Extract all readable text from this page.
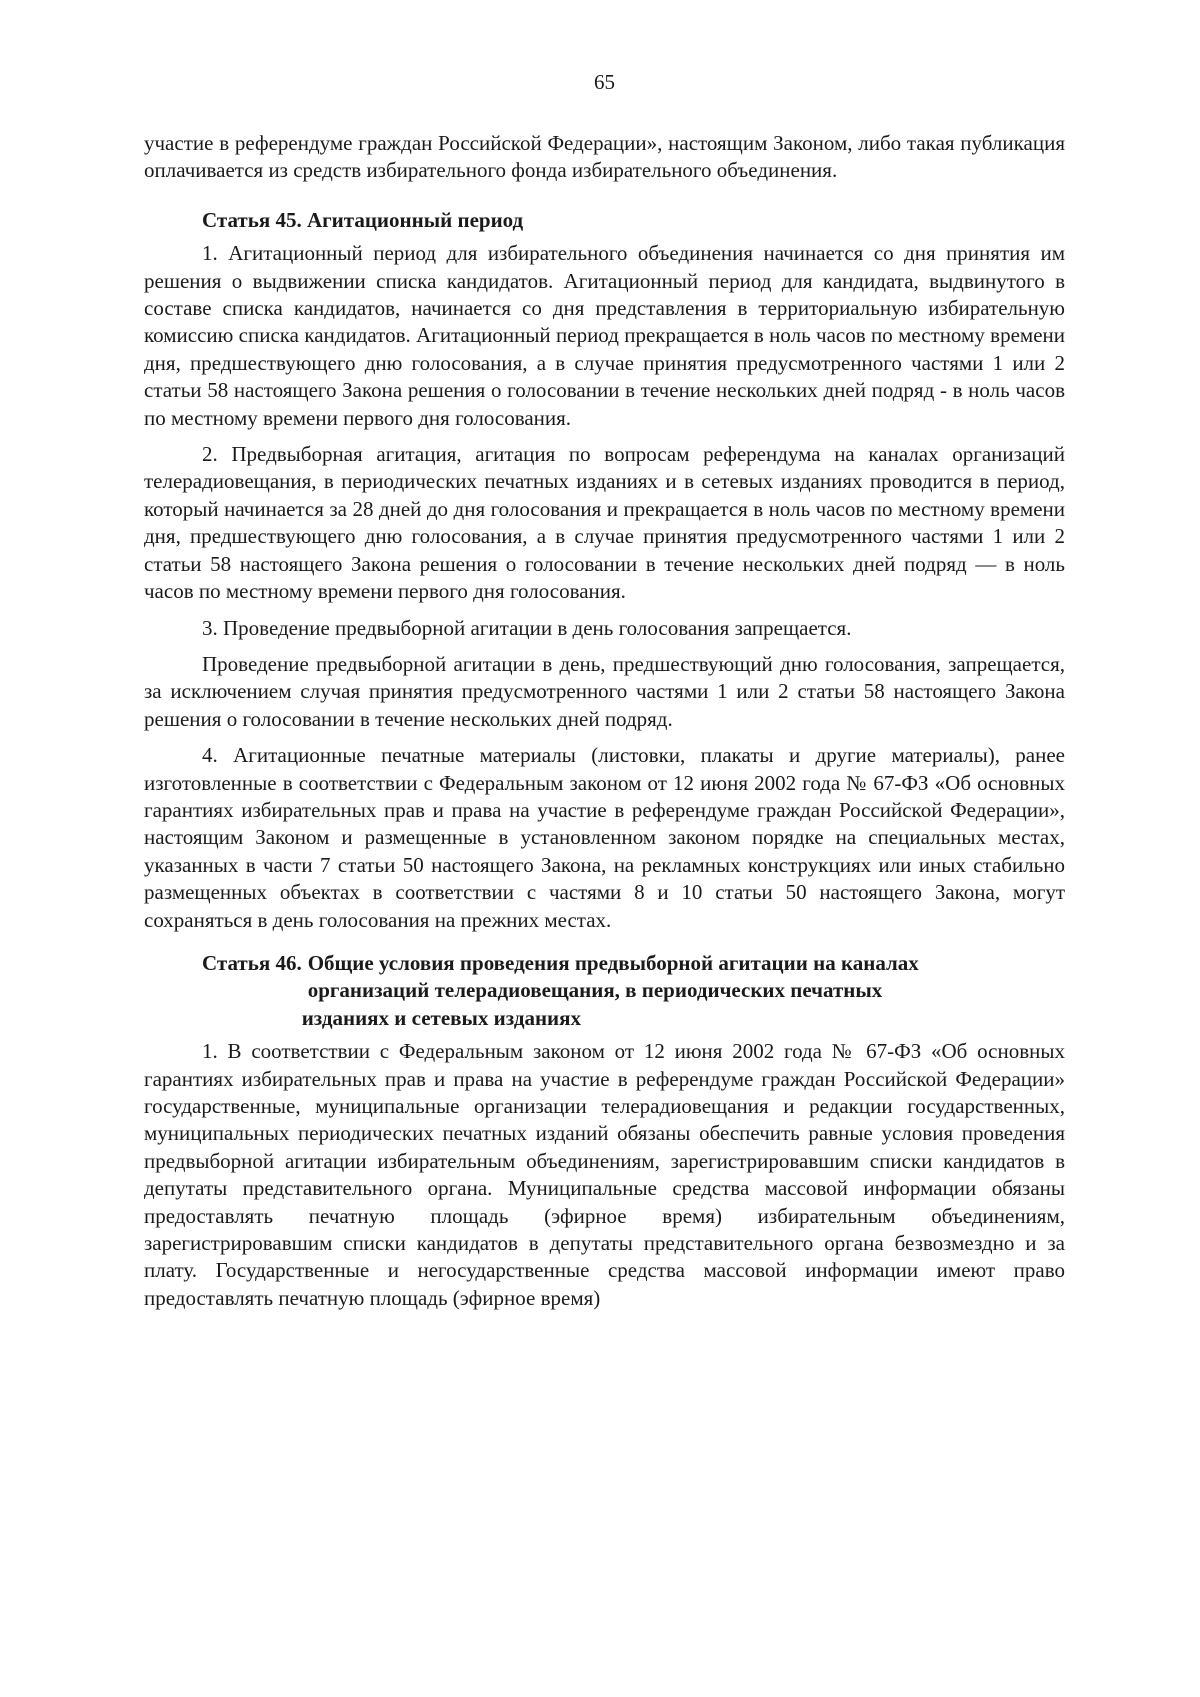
65

участие в референдуме граждан Российской Федерации», настоящим Законом, либо такая публикация оплачивается из средств избирательного фонда избирательного объединения.

Статья 45. Агитационный период

1. Агитационный период для избирательного объединения начинается со дня принятия им решения о выдвижении списка кандидатов. Агитационный период для кандидата, выдвинутого в составе списка кандидатов, начинается со дня представления в территориальную избирательную комиссию списка кандидатов. Агитационный период прекращается в ноль часов по местному времени дня, предшествующего дню голосования, а в случае принятия предусмотренного частями 1 или 2 статьи 58 настоящего Закона решения о голосовании в течение нескольких дней подряд - в ноль часов по местному времени первого дня голосования.

2. Предвыборная агитация, агитация по вопросам референдума на каналах организаций телерадиовещания, в периодических печатных изданиях и в сетевых изданиях проводится в период, который начинается за 28 дней до дня голосования и прекращается в ноль часов по местному времени дня, предшествующего дню голосования, а в случае принятия предусмотренного частями 1 или 2 статьи 58 настоящего Закона решения о голосовании в течение нескольких дней подряд — в ноль часов по местному времени первого дня голосования.

3. Проведение предвыборной агитации в день голосования запрещается.

Проведение предвыборной агитации в день, предшествующий дню голосования, запрещается, за исключением случая принятия предусмотренного частями 1 или 2 статьи 58 настоящего Закона решения о голосовании в течение нескольких дней подряд.

4. Агитационные печатные материалы (листовки, плакаты и другие материалы), ранее изготовленные в соответствии с Федеральным законом от 12 июня 2002 года № 67-ФЗ «Об основных гарантиях избирательных прав и права на участие в референдуме граждан Российской Федерации», настоящим Законом и размещенные в установленном законом порядке на специальных местах, указанных в части 7 статьи 50 настоящего Закона, на рекламных конструкциях или иных стабильно размещенных объектах в соответствии с частями 8 и 10 статьи 50 настоящего Закона, могут сохраняться в день голосования на прежних местах.

Статья 46. Общие условия проведения предвыборной агитации на каналах
организаций телерадиовещания, в периодических печатных
изданиях и сетевых изданиях

1. В соответствии с Федеральным законом от 12 июня 2002 года № 67-ФЗ «Об основных гарантиях избирательных прав и права на участие в референдуме граждан Российской Федерации» государственные, муниципальные организации телерадиовещания и редакции государственных, муниципальных периодических печатных изданий обязаны обеспечить равные условия проведения предвыборной агитации избирательным объединениям, зарегистрировавшим списки кандидатов в депутаты представительного органа. Муниципальные средства массовой информации обязаны предоставлять печатную площадь (эфирное время) избирательным объединениям, зарегистрировавшим списки кандидатов в депутаты представительного органа безвозмездно и за плату. Государственные и негосударственные средства массовой информации имеют право предоставлять печатную площадь (эфирное время)
